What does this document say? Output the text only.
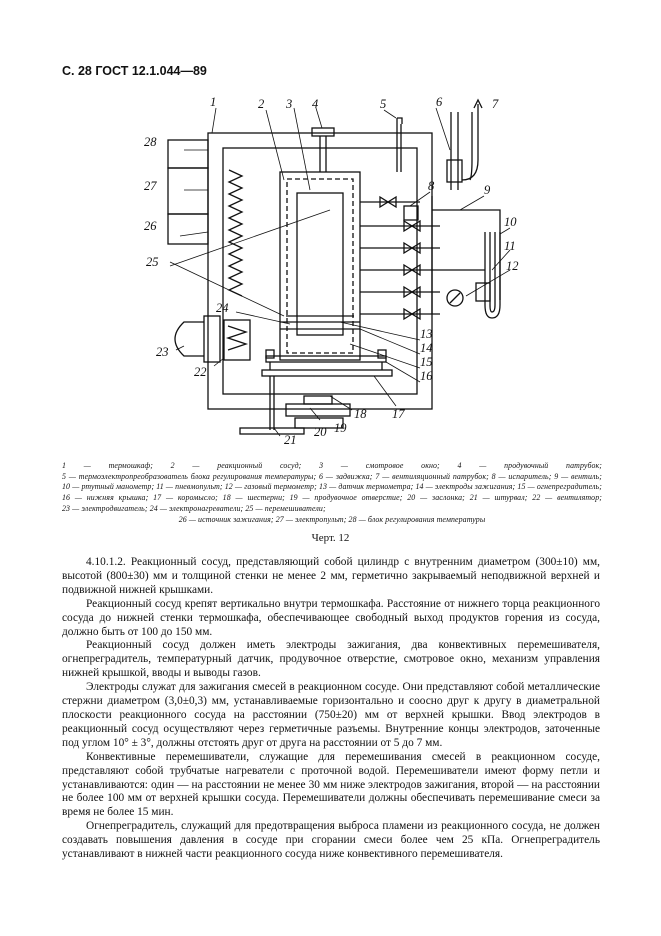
С. 28 ГОСТ 12.1.044—89
1	2 3 4	5	6	7
8	9
10
11
12
13
14
15
16
17
18
19
20
21
22
23
24
25
26
27
28
1 — термошкаф; 2 — реакционный сосуд; 3 — смотровое окно; 4 — продувочный патрубок; 5 — термоэлектропреобразователь блока регулирования температуры; 6 — задвижка; 7 — вентиляционный патрубок; 8 — испаритель; 9 — вентиль; 10 — ртутный манометр; 11 — пневмопульт; 12 — газовый термометр; 13 — датчик термометра; 14 — электроды зажигания; 15 — огнепреградитель; 16 — нижняя крышка; 17 — коромысло; 18 — шестерни; 19 — продувочное отверстие; 20 — заслонка; 21 — штурвал; 22 — вентилятор; 23 — электродвигатель; 24 — электронагреватели; 25 — перемешиватели;
26 — источник зажигания; 27 — электропульт; 28 — блок регулирования температуры
Черт. 12

4.10.1.2. Реакционный сосуд, представляющий собой цилиндр с внутренним диаметром (300±10) мм, высотой (800±30) мм и толщиной стенки не менее 2 мм, герметично закрываемый неподвижной верхней и подвижной нижней крышками.

Реакционный сосуд крепят вертикально внутри термошкафа. Расстояние от нижнего торца реакционного сосуда до нижней стенки термошкафа, обеспечивающее свободный выход продуктов горения из сосуда, должно быть от 100 до 150 мм.

Реакционный сосуд должен иметь электроды зажигания, два конвективных перемешивателя, огнепреградитель, температурный датчик, продувочное отверстие, смотровое окно, механизм управления нижней крышкой, вводы и выводы газов.

Электроды служат для зажигания смесей в реакционном сосуде. Они представляют собой металлические стержни диаметром (3,0±0,3) мм, устанавливаемые горизонтально и соосно друг к другу в диаметральной плоскости реакционного сосуда на расстоянии (750±20) мм от верхней крышки. Ввод электродов в реакционный сосуд осуществляют через герметичные разъемы. Внутренние концы электродов, заточенные под углом 10° ± 3°, должны отстоять друг от друга на расстоянии от 5 до 7 мм.

Конвективные перемешиватели, служащие для перемешивания смесей в реакционном сосуде, представляют собой трубчатые нагреватели с проточной водой. Перемешиватели имеют форму петли и устанавливаются: один — на расстоянии не менее 30 мм ниже электродов зажигания, второй — на расстоянии не более 100 мм от верхней крышки сосуда. Перемешиватели должны обеспечивать перемешивание смеси за время не более 15 мин.

Огнепреградитель, служащий для предотвращения выброса пламени из реакционного сосуда, не должен создавать повышения давления в сосуде при сгорании смеси более чем 25 кПа. Огнепреградитель устанавливают в нижней части реакционного сосуда ниже конвективного перемешивателя.
